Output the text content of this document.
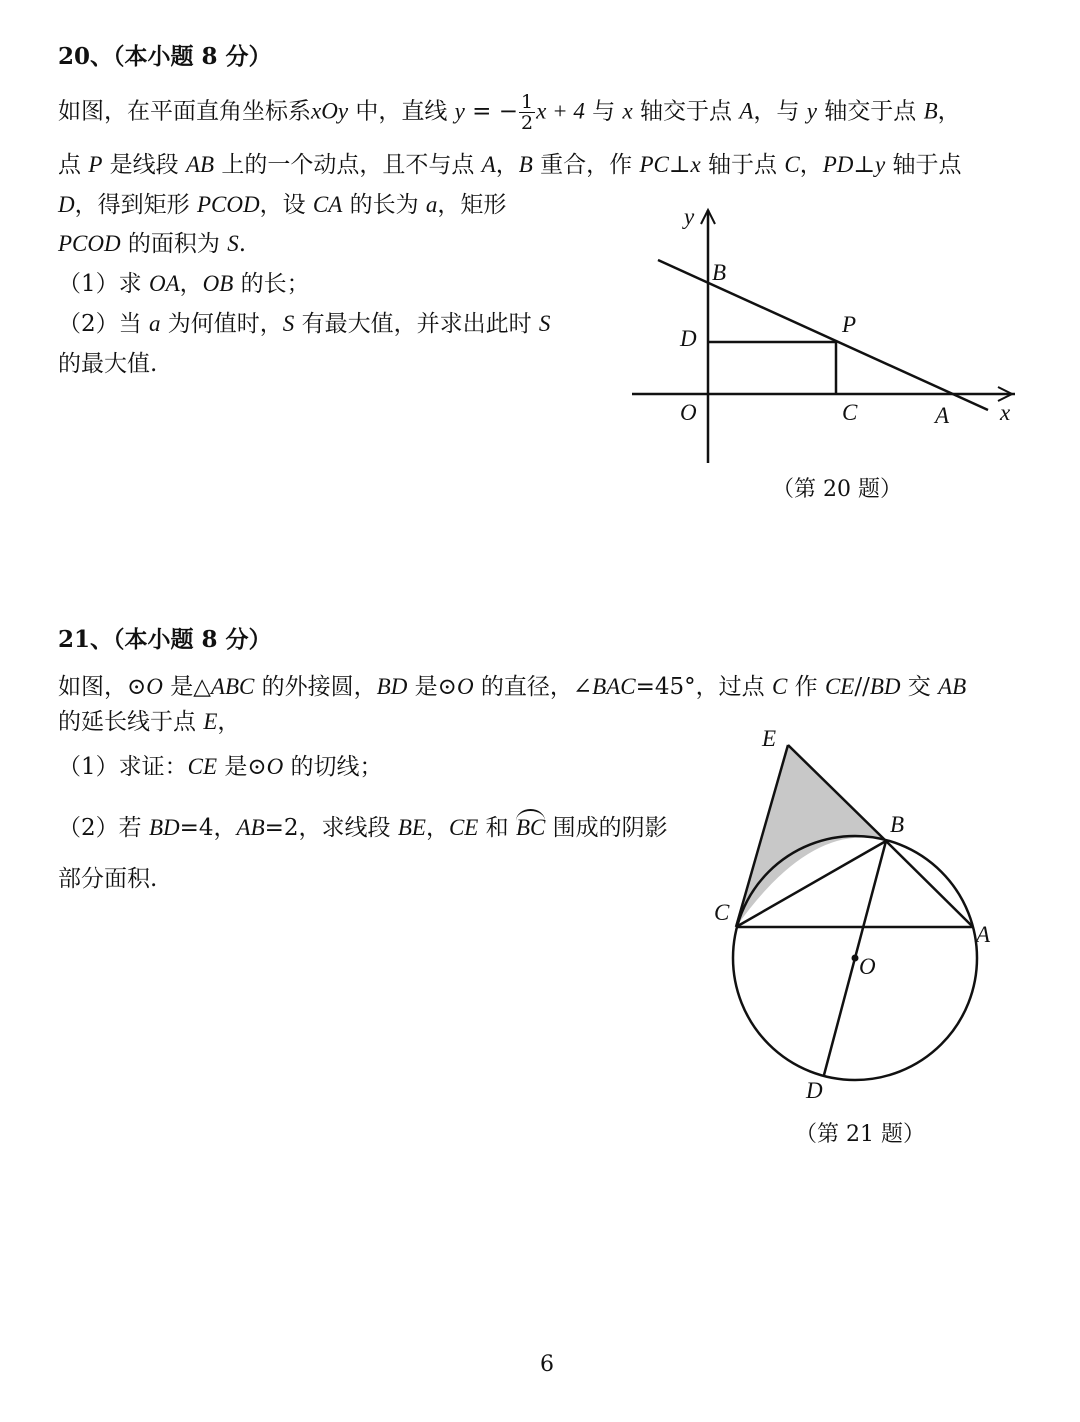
20、（本小题 8 分）
如图，在平面直角坐标系xOy 中，直线 y = − $\frac{1}{2}$ x + 4 与 x 轴交于点 A，与 y 轴交于点 B，
点 P 是线段 AB 上的一个动点，且不与点 A，B 重合，作 PC⊥x 轴于点 C，PD⊥y 轴于点
D，得到矩形 PCOD，设 CA 的长为 a，矩形
PCOD 的面积为 S.
（1）求 OA，OB 的长；
（2）当 a 为何值时，S 有最大值，并求出此时 S
的最大值.
y
B
D
P
O	C	A x
（第 20 题）
21、（本小题 8 分）
如图，⊙O 是△ABC 的外接圆，BD 是⊙O 的直径，∠BAC=45°，过点 C 作 CE//BD 交 AB
的延长线于点 E，
（1）求证：CE 是⊙O 的切线；
（2）若 BD=4，AB=2，求线段 BE，CE 和 BC 围成的阴影
部分面积.
E
B
C
A
O
D
（第 21 题）
6
